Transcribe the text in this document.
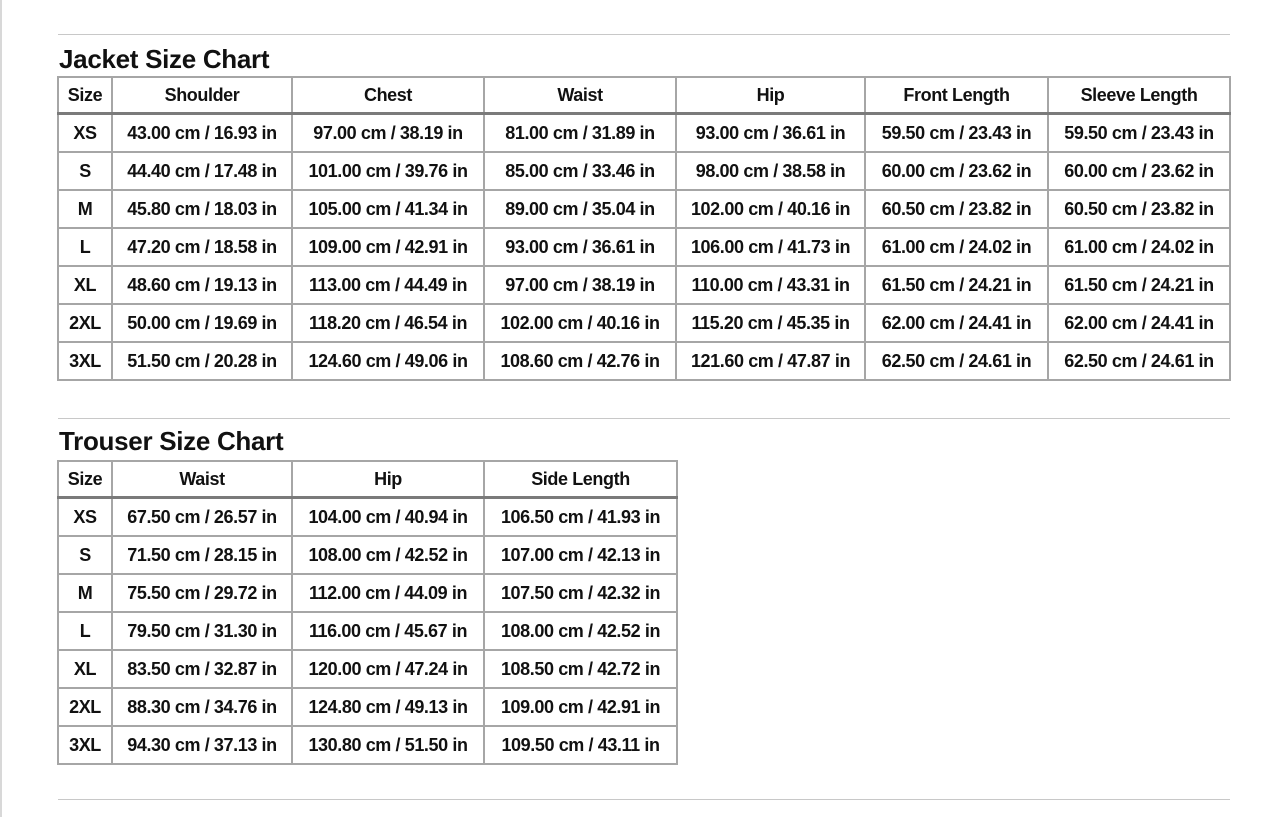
Jacket Size Chart
Size	Shoulder	Chest	Waist	Hip	Front Length	Sleeve Length
XS	43.00 cm / 16.93 in	97.00 cm / 38.19 in	81.00 cm / 31.89 in	93.00 cm / 36.61 in	59.50 cm / 23.43 in	59.50 cm / 23.43 in
S	44.40 cm / 17.48 in	101.00 cm / 39.76 in	85.00 cm / 33.46 in	98.00 cm / 38.58 in	60.00 cm / 23.62 in	60.00 cm / 23.62 in
M	45.80 cm / 18.03 in	105.00 cm / 41.34 in	89.00 cm / 35.04 in	102.00 cm / 40.16 in	60.50 cm / 23.82 in	60.50 cm / 23.82 in
L	47.20 cm / 18.58 in	109.00 cm / 42.91 in	93.00 cm / 36.61 in	106.00 cm / 41.73 in	61.00 cm / 24.02 in	61.00 cm / 24.02 in
XL	48.60 cm / 19.13 in	113.00 cm / 44.49 in	97.00 cm / 38.19 in	110.00 cm / 43.31 in	61.50 cm / 24.21 in	61.50 cm / 24.21 in
2XL	50.00 cm / 19.69 in	118.20 cm / 46.54 in	102.00 cm / 40.16 in	115.20 cm / 45.35 in	62.00 cm / 24.41 in	62.00 cm / 24.41 in
3XL	51.50 cm / 20.28 in	124.60 cm / 49.06 in	108.60 cm / 42.76 in	121.60 cm / 47.87 in	62.50 cm / 24.61 in	62.50 cm / 24.61 in
Trouser Size Chart
Size	Waist	Hip	Side Length
XS	67.50 cm / 26.57 in	104.00 cm / 40.94 in	106.50 cm / 41.93 in
S	71.50 cm / 28.15 in	108.00 cm / 42.52 in	107.00 cm / 42.13 in
M	75.50 cm / 29.72 in	112.00 cm / 44.09 in	107.50 cm / 42.32 in
L	79.50 cm / 31.30 in	116.00 cm / 45.67 in	108.00 cm / 42.52 in
XL	83.50 cm / 32.87 in	120.00 cm / 47.24 in	108.50 cm / 42.72 in
2XL	88.30 cm / 34.76 in	124.80 cm / 49.13 in	109.00 cm / 42.91 in
3XL	94.30 cm / 37.13 in	130.80 cm / 51.50 in	109.50 cm / 43.11 in
